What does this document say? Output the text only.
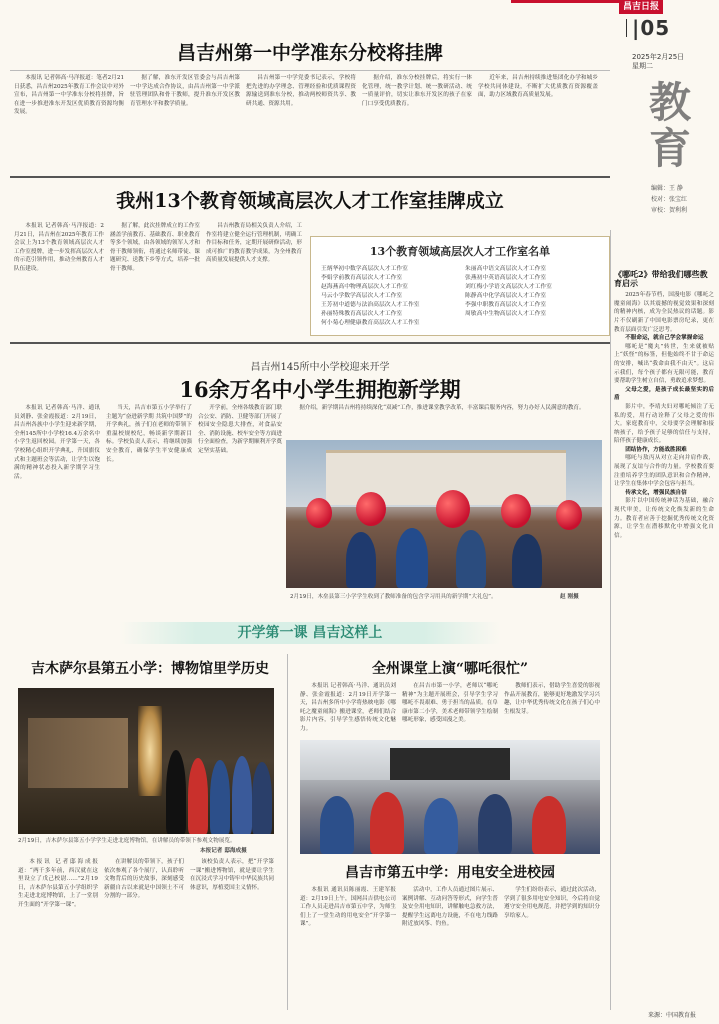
昌吉日报
|05
2025年2月25日
星期二
教育
编辑：王 静
校对：张宝红
审校：贺利利
昌吉州第一中学准东分校将挂牌

本报讯 记者韩高·马洋报道：笔者2月21日获悉，昌吉州2025年教育工作会议中对外宣布，昌吉州第一中学准东分校将挂牌，旨在进一步推进准东开发区优质教育资源均衡发展。

据了解，准东开发区管委会与昌吉州第一中学达成合作协议，由昌吉州第一中学派驻管理团队和骨干教师，提升准东开发区教育管理水平和教学质量。

昌吉州第一中学党委书记表示，学校将把先进的办学理念、管理经验和优质课程资源输送到准东分校，推动两校师资共享、教研共通、资源共用。

据介绍，准东分校挂牌后，将实行一体化管理，统一教学计划、统一教研活动、统一质量评价，切实让准东开发区的孩子在家门口享受优质教育。

近年来，昌吉州持续推进集团化办学和城乡学校共同体建设，不断扩大优质教育资源覆盖面，助力区域教育高质量发展。

我州13个教育领域高层次人才工作室挂牌成立

本报讯 记者韩高·马洋报道：2月21日，昌吉州在2025年教育工作会议上为13个教育领域高层次人才工作室授牌，进一步发挥高层次人才的示范引领作用，推动全州教育人才队伍建设。

据了解，此次挂牌成立的工作室涵盖学前教育、基础教育、职业教育等多个领域，由各领域的领军人才和骨干教师领衔，将通过名师带徒、课题研究、送教下乡等方式，培养一批骨干教师。

昌吉州教育局相关负责人介绍，工作室将建立健全运行管理机制，明确工作目标和任务，定期开展研修活动，形成可推广的教育教学成果，为全州教育高质量发展提供人才支撑。

13个教育领域高层次人才工作室名单
王炳华初中数学高层次人才工作室	朱丽高中语文高层次人才工作室
李娟学前教育高层次人才工作室	张燕初中英语高层次人才工作室
赵海燕高中物理高层次人才工作室	刘红梅小学语文高层次人才工作室
马云小学数学高层次人才工作室	陈静高中化学高层次人才工作室
王芳初中道德与法治高层次人才工作室	李强中职教育高层次人才工作室
孙丽特殊教育高层次人才工作室	周敏高中生物高层次人才工作室
何小菊心理健康教育高层次人才工作室
昌吉州145所中小学校迎来开学
16余万名中小学生拥抱新学期

本报讯 记者韩高·马洋、通讯员刘静、张金霞报道：2月19日，昌吉州各族中小学生迎来新学期，全州145所中小学校16.4万余名中小学生返回校园。开学第一天，各学校精心组织开学典礼、升国旗仪式和主题班会等活动，让学生以饱满的精神状态投入新学期学习生活。

当天，昌吉市第五小学举行了主题为“奋进新学期 共筑中国梦”的开学典礼，孩子们在老师的带领下重温校规校纪，畅谈新学期新目标。学校负责人表示，将继续加强安全教育，确保学生平安健康成长。

开学前，全州各级教育部门联合公安、消防、卫健等部门开展了校园安全隐患大排查，对食品安全、消防设施、校车安全等方面进行全面检查，为新学期顺利开学奠定坚实基础。

据介绍，新学期昌吉州将持续深化“双减”工作，推进课堂教学改革，丰富课后服务内容，努力办好人民满意的教育。

2月19日，木垒县第三小学学生收到了教师准备的包含学习用具的新学期“大礼包”。	赵 刚摄
开学第一课 昌吉这样上
吉木萨尔县第五小学：博物馆里学历史
2月19日，吉木萨尔县第五小学学生走进北庭博物馆，在讲解员的带领下参观文物展览。
本报记者 邸海成摄

本报讯 记者邸海成报道：“两千多年前，西汉就在这里设立了戊己校尉……”2月19日，吉木萨尔县第五小学组织学生走进北庭博物馆，上了一堂别开生面的“开学第一课”。

在讲解员的带领下，孩子们依次参观了各个展厅，认真聆听文物背后的历史故事，深刻感受新疆自古以来就是中国领土不可分割的一部分。

该校负责人表示，把“开学第一课”搬进博物馆，就是要让学生在沉浸式学习中铸牢中华民族共同体意识，厚植爱国主义情怀。

全州课堂上演“哪吒很忙”

本报讯 记者韩高·马洋、通讯员刘静、张金霞报道：2月19日开学第一天，昌吉州多所中小学将热映电影《哪吒之魔童闹海》搬进课堂，老师们结合影片内容，引导学生感悟传统文化魅力。

在昌吉市第一小学，老师以“哪吒精神”为主题开展班会，引导学生学习哪吒不畏艰难、勇于担当的品质。在阜康市第二小学，美术老师带领学生绘制哪吒形象，感受国漫之美。

教师们表示，借助学生喜爱的影视作品开展教育，能够更好地激发学习兴趣，让中华优秀传统文化在孩子们心中生根发芽。

昌吉市第五中学：用电安全进校园

本报讯 通讯员陈丽霞、王建军报道：2月19日上午，国网昌吉供电公司工作人员走进昌吉市第五中学，为师生们上了一堂生动的用电安全“开学第一课”。

活动中，工作人员通过图片展示、案例讲解、互动问答等形式，向学生普及安全用电知识，讲解触电急救方法，提醒学生远离电力设施，不在电力线路附近放风筝、钓鱼。

学生们纷纷表示，通过此次活动，学到了很多用电安全知识，今后将自觉遵守安全用电规范，并把学到的知识分享给家人。

《哪吒2》带给我们哪些教育启示

2025年春节档，国漫电影《哪吒之魔童闹海》以其震撼的视觉效果和深刻的精神内核，成为全民热议的话题。影片不仅刷新了中国电影票房纪录，更在教育层面引发广泛思考。

不服命运，就自己学会掌握命运

哪吒是“魔丸”转世，生来就被贴上“妖怪”的标签，但他始终不甘于命运的安排，喊出“我命由我不由天”。这启示我们，每个孩子都有无限可能，教育要帮助学生树立自信，勇敢追求梦想。

父母之爱，是孩子成长最坚实的后盾

影片中，李靖夫妇对哪吒倾注了无私的爱，用行动诠释了父母之爱的伟大。家庭教育中，父母要学会理解和接纳孩子，给予孩子足够的信任与支持，陪伴孩子健康成长。

团结协作，方能战胜困难

哪吒与敖丙从对立走向并肩作战，展现了友谊与合作的力量。学校教育要注重培养学生的团队意识和合作精神，让学生在集体中学会包容与担当。

传承文化，增强民族自信

影片以中国传统神话为基础，融合现代审美，让传统文化焕发新的生命力。教育者应善于挖掘优秀传统文化资源，让学生在潜移默化中增强文化自信。

来源：中国教育报
